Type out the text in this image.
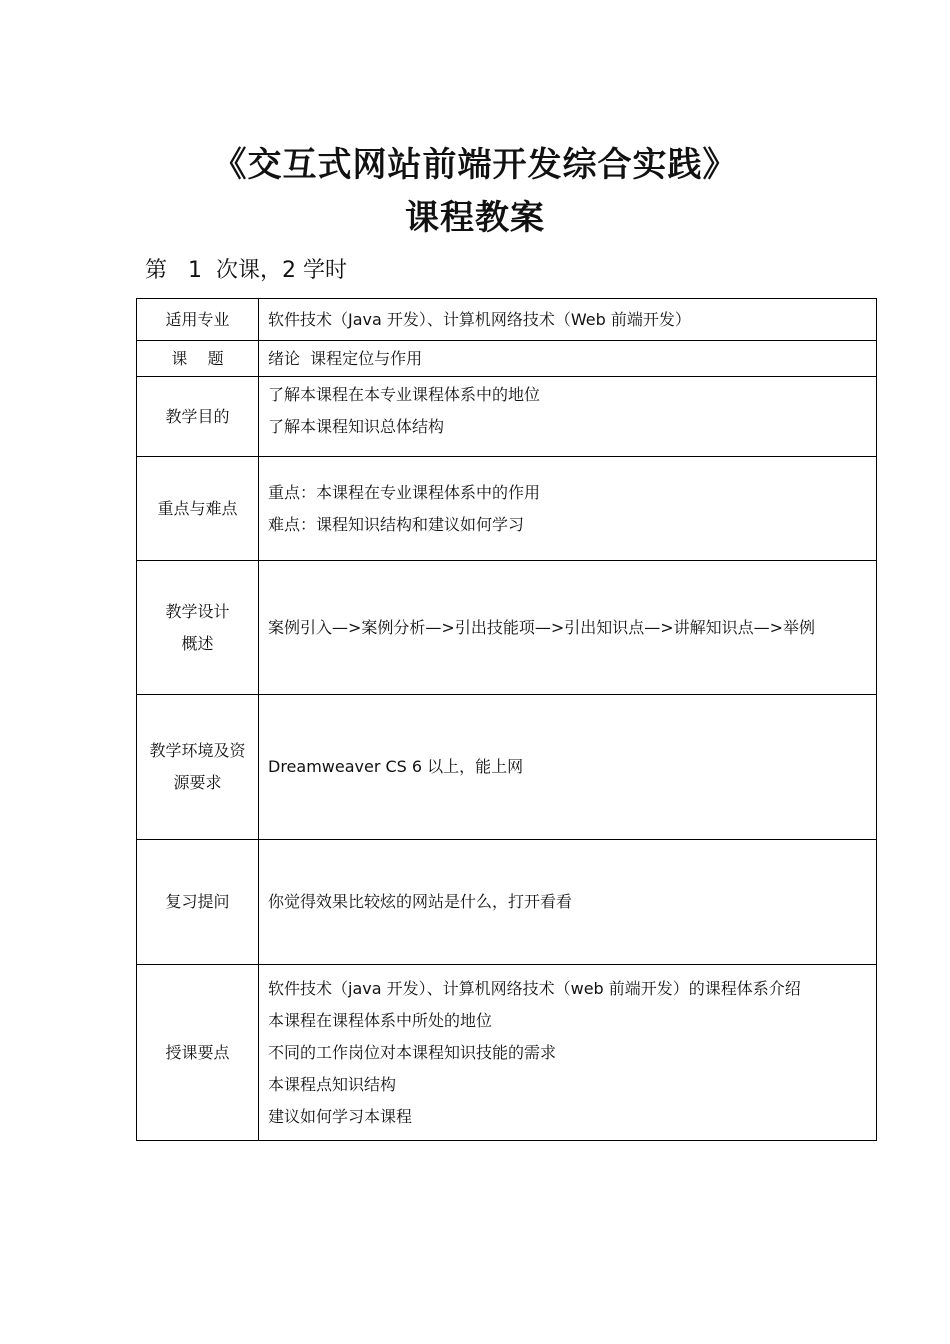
《交互式网站前端开发综合实践》
课程教案
第   1  次课，2 学时
适用专业	软件技术（Java 开发）、计算机网络技术（Web 前端开发）

课    题	绪论  课程定位与作用

教学目的	了解本课程在本专业课程体系中的地位
了解本课程知识总体结构

重点与难点	重点：本课程在专业课程体系中的作用
难点：课程知识结构和建议如何学习

教学设计
概述	案例引入—>案例分析—>引出技能项—>引出知识点—>讲解知识点—>举例

教学环境及资
源要求	Dreamweaver CS 6 以上，能上网

复习提问	你觉得效果比较炫的网站是什么，打开看看

授课要点	软件技术（java 开发）、计算机网络技术（web 前端开发）的课程体系介绍
本课程在课程体系中所处的地位
不同的工作岗位对本课程知识技能的需求
本课程点知识结构
建议如何学习本课程
